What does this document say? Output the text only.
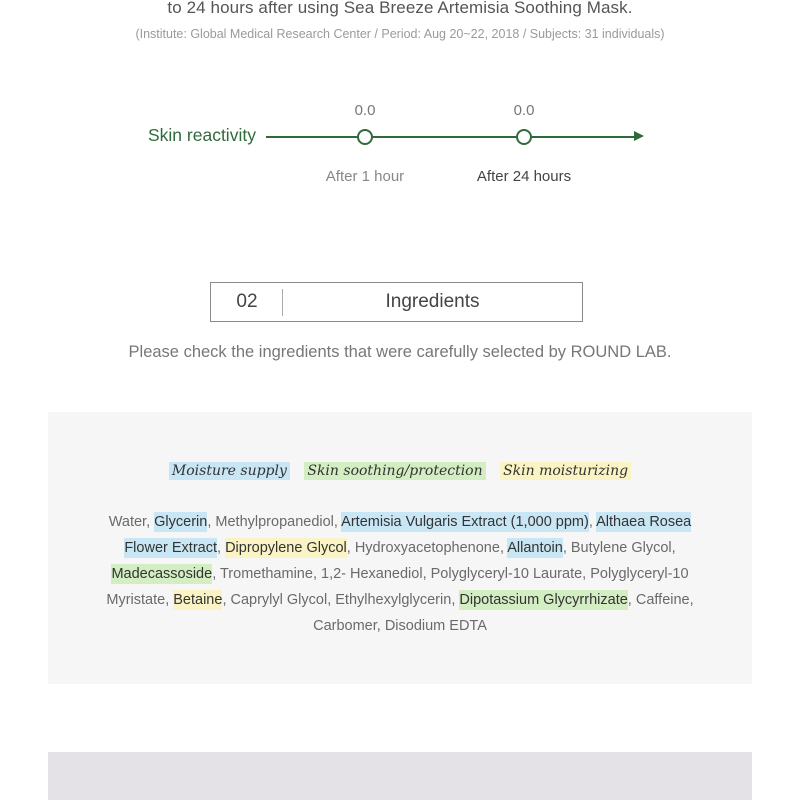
to 24 hours after using Sea Breeze Artemisia Soothing Mask.
(Institute: Global Medical Research Center / Period: Aug 20~22, 2018 / Subjects: 31 individuals)
Skin reactivity
0.0
After 1 hour
0.0
After 24 hours
02	Ingredients
Please check the ingredients that were carefully selected by ROUND LAB.
Moisture supply Skin soothing/protection Skin moisturizing
Water, Glycerin, Methylpropanediol, Artemisia Vulgaris Extract (1,000 ppm), Althaea Rosea Flower Extract, Dipropylene Glycol, Hydroxyacetophenone, Allantoin, Butylene Glycol, Madecassoside, Tromethamine, 1,2- Hexanediol, Polyglyceryl-10 Laurate, Polyglyceryl-10 Myristate, Betaine, Caprylyl Glycol, Ethylhexylglycerin, Dipotassium Glycyrrhizate, Caffeine, Carbomer, Disodium EDTA
